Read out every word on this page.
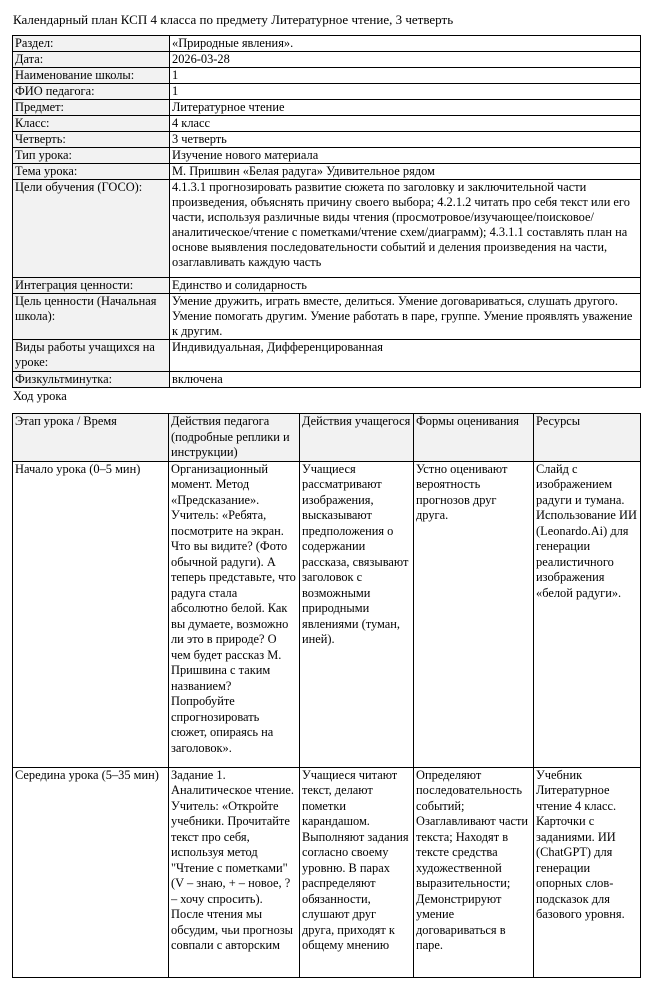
Календарный план КСП 4 класса по предмету Литературное чтение, 3 четверть
Раздел:	«Природные явления».
Дата:	2026-03-28
Наименование школы:	1
ФИО педагога:	1
Предмет:	Литературное чтение
Класс:	4 класс
Четверть:	3 четверть
Тип урока:	Изучение нового материала
Тема урока:	М. Пришвин «Белая радуга» Удивительное рядом
Цели обучения (ГОСО):	4.1.3.1 прогнозировать развитие сюжета по заголовку и заключительной части произведения, объяснять причину своего выбора; 4.2.1.2 читать про себя текст или его части, используя различные виды чтения (просмотровое/изучающее/поисковое/ аналитическое/чтение с пометками/чтение схем/диаграмм); 4.3.1.1 составлять план на основе выявления последовательности событий и деления произведения на части, озаглавливать каждую часть
Интеграция ценности:	Единство и солидарность
Цель ценности (Начальная школа):	Умение дружить, играть вместе, делиться. Умение договариваться, слушать другого. Умение помогать другим. Умение работать в паре, группе. Умение проявлять уважение к другим.
Виды работы учащихся на уроке:	Индивидуальная, Дифференцированная
Физкультминутка:	включена
Ход урока
Этап урока / Время	Действия педагога (подробные реплики и инструкции)	Действия учащегося	Формы оценивания	Ресурсы

Начало урока (0–5 мин)	Организационный момент. Метод «Предсказание». Учитель: «Ребята, посмотрите на экран. Что вы видите? (Фото обычной радуги). А теперь представьте, что радуга стала абсолютно белой. Как вы думаете, возможно ли это в природе? О чем будет рассказ М. Пришвина с таким названием? Попробуйте спрогнозировать сюжет, опираясь на заголовок».	Учащиеся рассматривают изображения, высказывают предположения о содержании рассказа, связывают заголовок с возможными природными явлениями (туман, иней).	Устно оценивают вероятность прогнозов друг друга.	Слайд с изображением радуги и тумана. Использование ИИ (Leonardo.Ai) для генерации реалистичного изображения «белой радуги».

Середина урока (5–35 мин)	Задание 1. Аналитическое чтение. Учитель: «Откройте учебники. Прочитайте текст про себя, используя метод "Чтение с пометками" (V – знаю, + – новое, ? – хочу спросить). После чтения мы обсудим, чьи прогнозы совпали с авторским	Учащиеся читают текст, делают пометки карандашом. Выполняют задания согласно своему уровню. В парах распределяют обязанности, слушают друг друга, приходят к общему мнению	Определяют последовательность событий; Озаглавливают части текста; Находят в тексте средства художественной выразительности; Демонстрируют умение договариваться в паре.	Учебник Литературное чтение 4 класс. Карточки с заданиями. ИИ (ChatGPT) для генерации опорных слов-подсказок для базового уровня.
